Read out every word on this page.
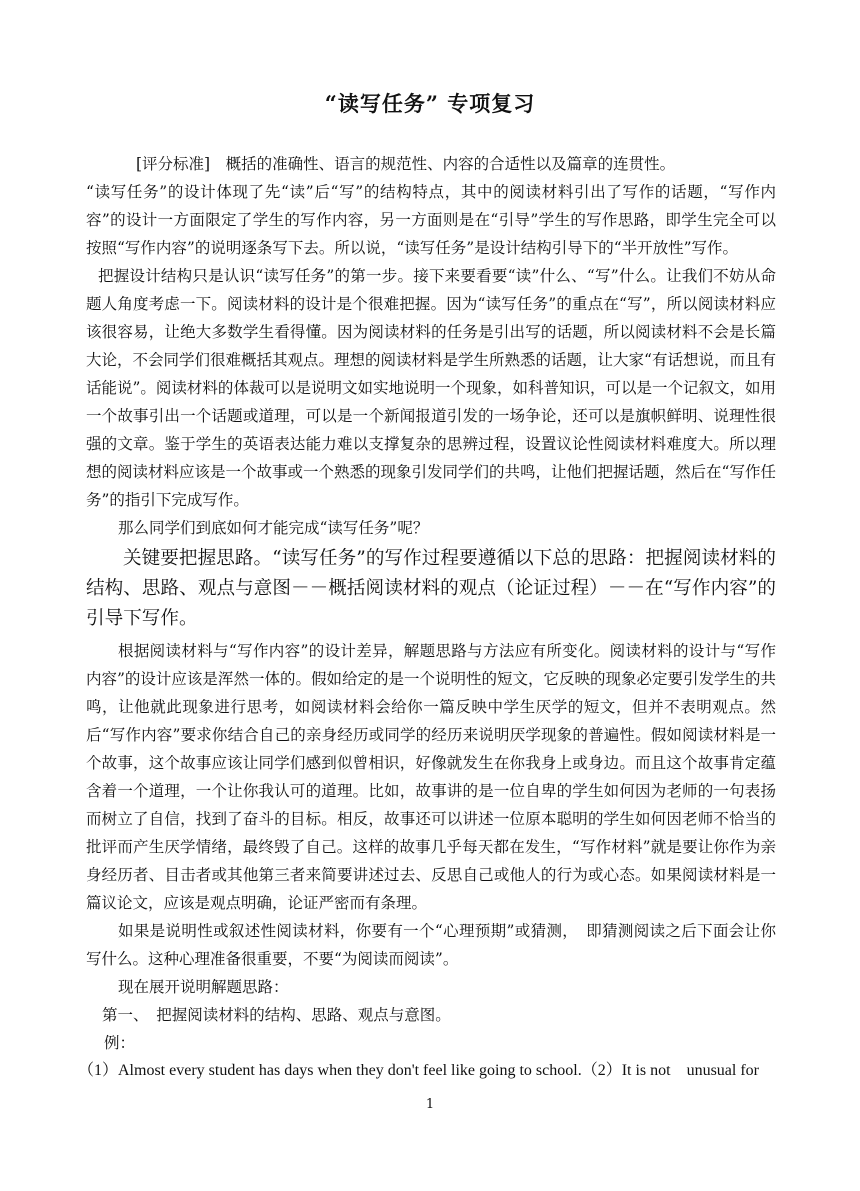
“读写任务” 专项复习

[评分标准]　概括的准确性、语言的规范性、内容的合适性以及篇章的连贯性。

“读写任务”的设计体现了先“读”后“写”的结构特点，其中的阅读材料引出了写作的话题，“写作内容”的设计一方面限定了学生的写作内容，另一方面则是在“引导”学生的写作思路，即学生完全可以按照“写作内容”的说明逐条写下去。所以说，“读写任务”是设计结构引导下的“半开放性”写作。

把握设计结构只是认识“读写任务”的第一步。接下来要看要“读”什么、“写”什么。让我们不妨从命题人角度考虑一下。阅读材料的设计是个很难把握。因为“读写任务”的重点在“写”，所以阅读材料应该很容易，让绝大多数学生看得懂。因为阅读材料的任务是引出写的话题，所以阅读材料不会是长篇大论，不会同学们很难概括其观点。理想的阅读材料是学生所熟悉的话题，让大家“有话想说，而且有话能说”。阅读材料的体裁可以是说明文如实地说明一个现象，如科普知识，可以是一个记叙文，如用一个故事引出一个话题或道理，可以是一个新闻报道引发的一场争论，还可以是旗帜鲜明、说理性很强的文章。鉴于学生的英语表达能力难以支撑复杂的思辨过程，设置议论性阅读材料难度大。所以理想的阅读材料应该是一个故事或一个熟悉的现象引发同学们的共鸣，让他们把握话题，然后在“写作任务”的指引下完成写作。

那么同学们到底如何才能完成“读写任务”呢？

关键要把握思路。“读写任务”的写作过程要遵循以下总的思路：把握阅读材料的结构、思路、观点与意图－－概括阅读材料的观点（论证过程）－－在“写作内容”的引导下写作。

根据阅读材料与“写作内容”的设计差异，解题思路与方法应有所变化。阅读材料的设计与“写作内容”的设计应该是浑然一体的。假如给定的是一个说明性的短文，它反映的现象必定要引发学生的共鸣，让他就此现象进行思考，如阅读材料会给你一篇反映中学生厌学的短文，但并不表明观点。然后“写作内容”要求你结合自己的亲身经历或同学的经历来说明厌学现象的普遍性。假如阅读材料是一个故事，这个故事应该让同学们感到似曾相识，好像就发生在你我身上或身边。而且这个故事肯定蕴含着一个道理，一个让你我认可的道理。比如，故事讲的是一位自卑的学生如何因为老师的一句表扬而树立了自信，找到了奋斗的目标。相反，故事还可以讲述一位原本聪明的学生如何因老师不恰当的批评而产生厌学情绪，最终毁了自己。这样的故事几乎每天都在发生，“写作材料”就是要让你作为亲身经历者、目击者或其他第三者来简要讲述过去、反思自己或他人的行为或心态。如果阅读材料是一篇议论文，应该是观点明确，论证严密而有条理。

如果是说明性或叙述性阅读材料，你要有一个“心理预期”或猜测，　即猜测阅读之后下面会让你写什么。这种心理准备很重要，不要“为阅读而阅读”。

现在展开说明解题思路：

第一、　把握阅读材料的结构、思路、观点与意图。

例：

（1）Almost every student has days when they don't feel like going to school.（2）It is not　unusual for

1
